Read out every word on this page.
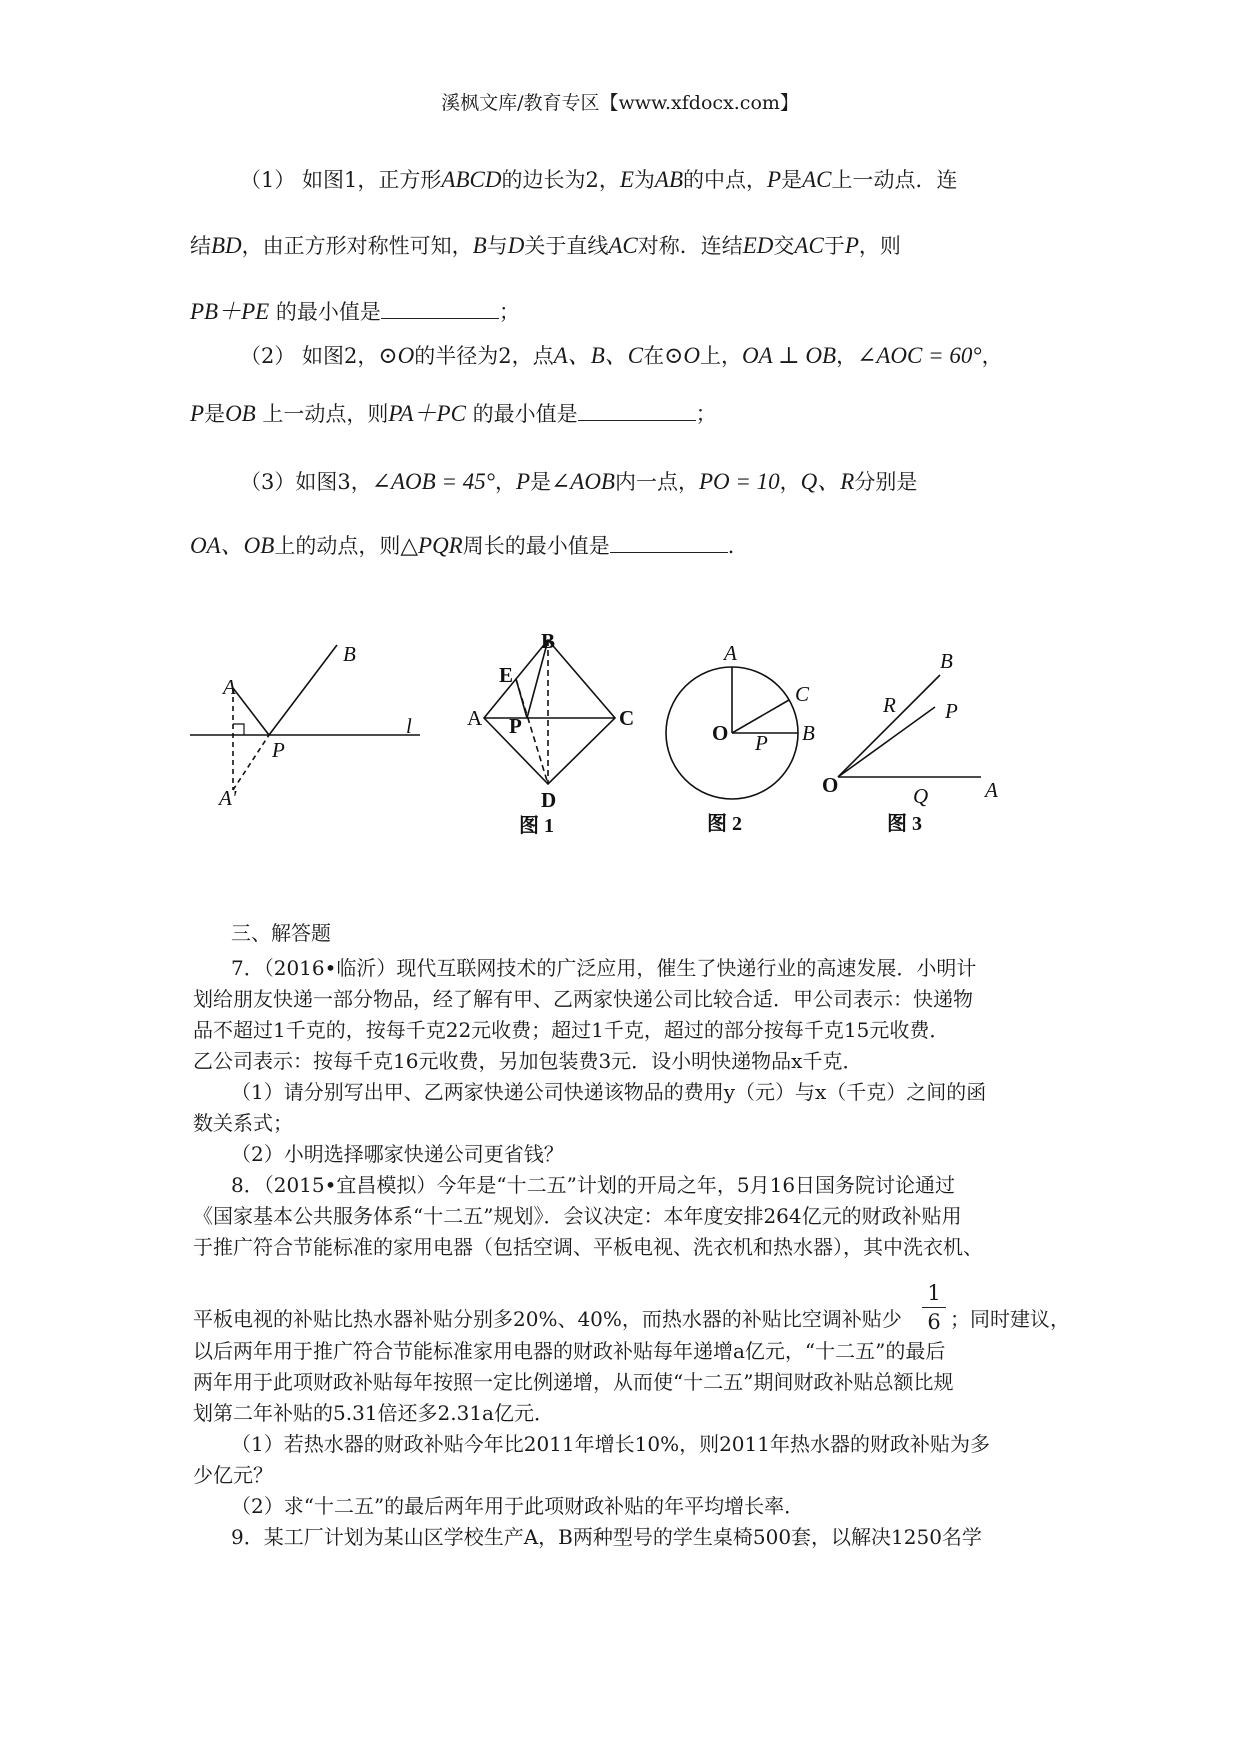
溪枫文库/教育专区【www.xfdocx.com】
（1） 如图1，正方形ABCD的边长为2，E为AB的中点，P是AC上一动点．连
结BD，由正方形对称性可知，B与D关于直线AC对称．连结ED交AC于P，则
PB＋PE 的最小值是	；
（2） 如图2，⊙O的半径为2，点A、B、C在⊙O上，OA ⊥ OB，∠AOC = 60°，
P是OB 上一动点，则PA＋PC 的最小值是	；
（3）如图3，∠AOB = 45°，P是∠AOB内一点，PO = 10，Q、R分别是
OA、OB上的动点，则△PQR周长的最小值是	．
A
B
l
P
A'
B
E
A P	C
D
图 1
A
C
O P B
图 2
B
R P
O	Q	A
图 3
三、解答题
7．（2016•临沂）现代互联网技术的广泛应用，催生了快递行业的高速发展．小明计
划给朋友快递一部分物品，经了解有甲、乙两家快递公司比较合适．甲公司表示：快递物
品不超过1千克的，按每千克22元收费；超过1千克，超过的部分按每千克15元收费．
乙公司表示：按每千克16元收费，另加包装费3元．设小明快递物品x千克．
（1）请分别写出甲、乙两家快递公司快递该物品的费用y（元）与x（千克）之间的函
数关系式；
（2）小明选择哪家快递公司更省钱？
8．（2015•宜昌模拟）今年是“十二五”计划的开局之年，5月16日国务院讨论通过
《国家基本公共服务体系“十二五”规划》．会议决定：本年度安排264亿元的财政补贴用
于推广符合节能标准的家用电器（包括空调、平板电视、洗衣机和热水器），其中洗衣机、
1
6
平板电视的补贴比热水器补贴分别多20%、40%，而热水器的补贴比空调补贴少 ；同时建议，
以后两年用于推广符合节能标准家用电器的财政补贴每年递增a亿元，“十二五”的最后
两年用于此项财政补贴每年按照一定比例递增，从而使“十二五”期间财政补贴总额比规
划第二年补贴的5.31倍还多2.31a亿元．
（1）若热水器的财政补贴今年比2011年增长10%，则2011年热水器的财政补贴为多
少亿元？
（2）求“十二五”的最后两年用于此项财政补贴的年平均增长率．
9．某工厂计划为某山区学校生产A，B两种型号的学生桌椅500套，以解决1250名学
